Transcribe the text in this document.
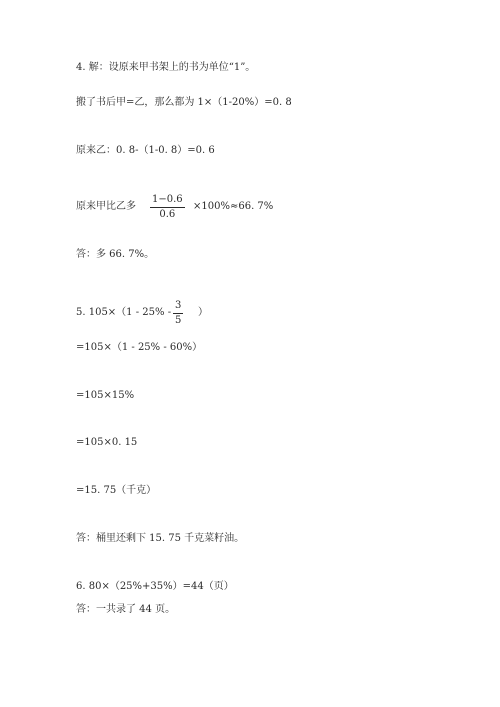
4. 解：设原来甲书架上的书为单位“1”。
搬了书后甲=乙，那么都为 1×（1-20%）=0. 8
原来乙：0. 8-（1-0. 8）=0. 6
原来甲比乙多
1−0.6
0.6
×100%≈66. 7%
答：多 66. 7%。
5. 105×（1 - 25% -
3
5
）
=105×（1 - 25% - 60%）
=105×15%
=105×0. 15
=15. 75（千克）
答：桶里还剩下 15. 75 千克菜籽油。
6. 80×（25%+35%）=44（页）
答：一共录了 44 页。
